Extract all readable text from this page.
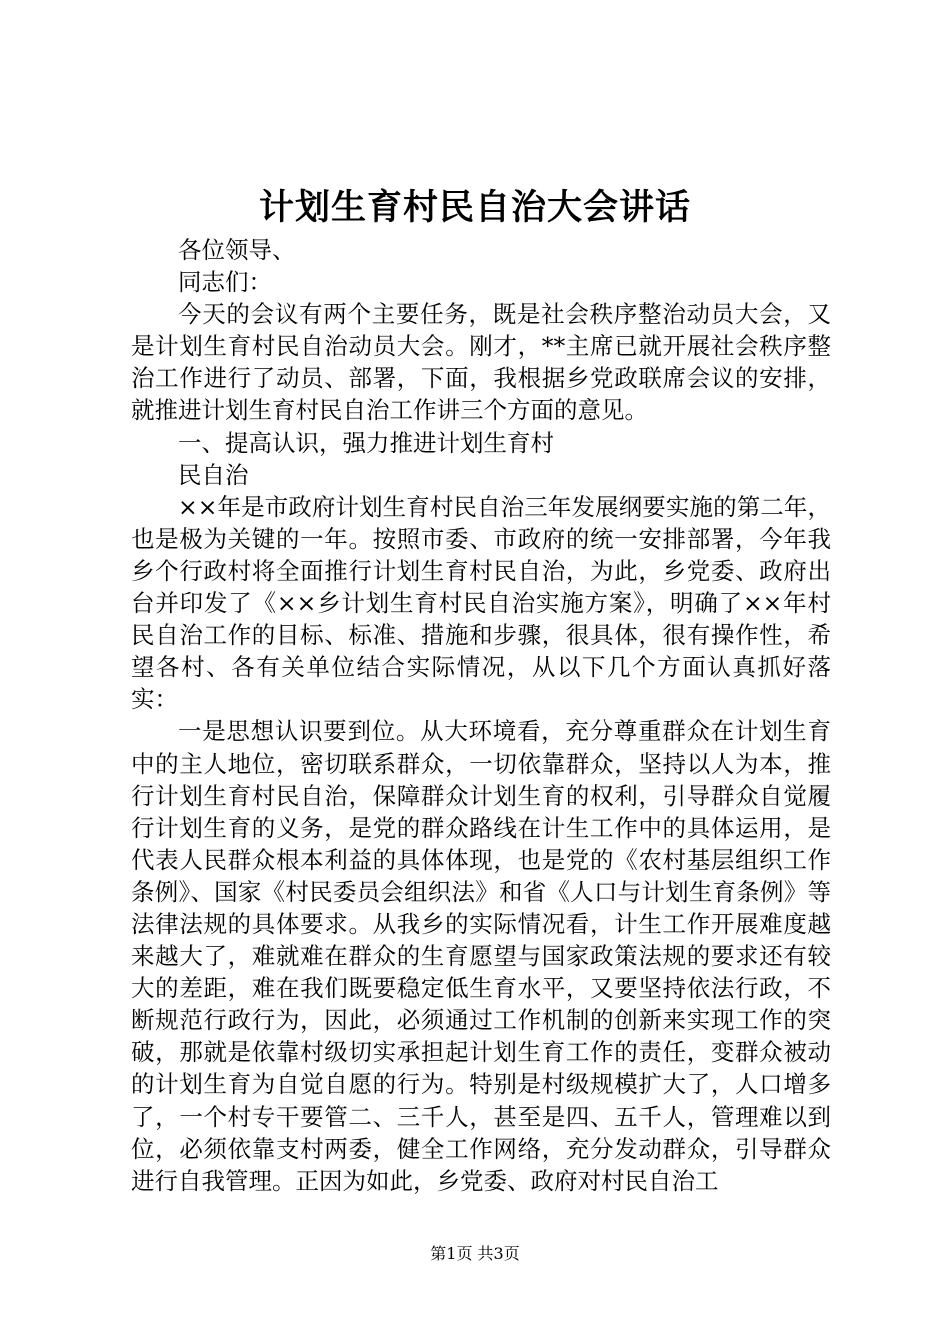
计划生育村民自治大会讲话

各位领导、

同志们：

今天的会议有两个主要任务，既是社会秩序整治动员大会，又是计划生育村民自治动员大会。刚才，**主席已就开展社会秩序整治工作进行了动员、部署，下面，我根据乡党政联席会议的安排，就推进计划生育村民自治工作讲三个方面的意见。

一、提高认识，强力推进计划生育村

民自治

××年是市政府计划生育村民自治三年发展纲要实施的第二年，也是极为关键的一年。按照市委、市政府的统一安排部署，今年我乡个行政村将全面推行计划生育村民自治，为此，乡党委、政府出台并印发了《××乡计划生育村民自治实施方案》，明确了××年村民自治工作的目标、标准、措施和步骤，很具体，很有操作性，希望各村、各有关单位结合实际情况，从以下几个方面认真抓好落实：

一是思想认识要到位。从大环境看，充分尊重群众在计划生育中的主人地位，密切联系群众，一切依靠群众，坚持以人为本，推行计划生育村民自治，保障群众计划生育的权利，引导群众自觉履行计划生育的义务，是党的群众路线在计生工作中的具体运用，是代表人民群众根本利益的具体体现，也是党的《农村基层组织工作条例》、国家《村民委员会组织法》和省《人口与计划生育条例》等法律法规的具体要求。从我乡的实际情况看，计生工作开展难度越来越大了，难就难在群众的生育愿望与国家政策法规的要求还有较大的差距，难在我们既要稳定低生育水平，又要坚持依法行政，不断规范行政行为，因此，必须通过工作机制的创新来实现工作的突破，那就是依靠村级切实承担起计划生育工作的责任，变群众被动的计划生育为自觉自愿的行为。特别是村级规模扩大了，人口增多了，一个村专干要管二、三千人，甚至是四、五千人，管理难以到位，必须依靠支村两委，健全工作网络，充分发动群众，引导群众进行自我管理。正因为如此，乡党委、政府对村民自治工

第1页 共3页
